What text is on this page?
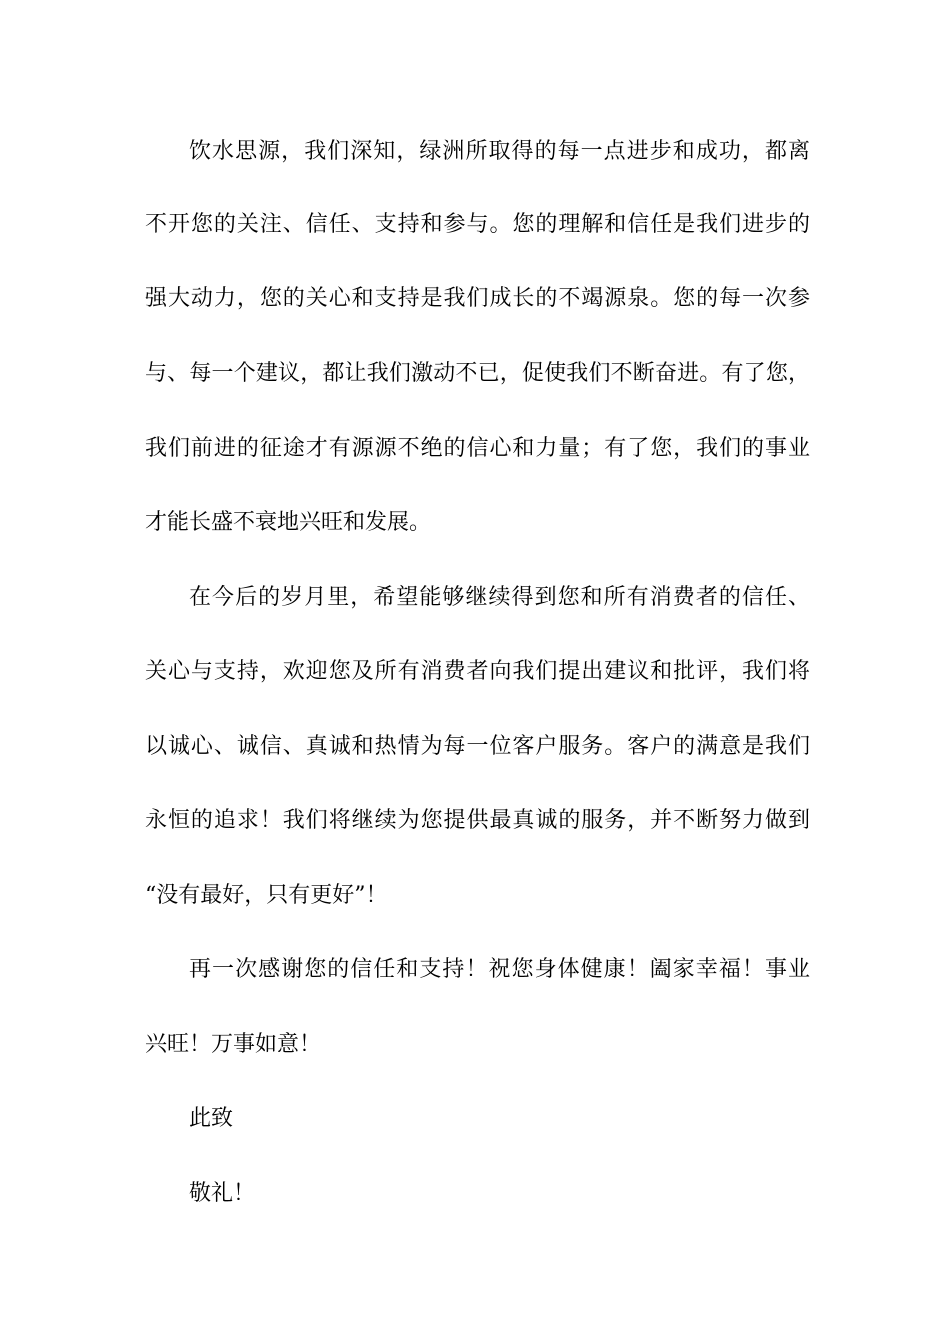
饮水思源，我们深知，绿洲所取得的每一点进步和成功，都离
不开您的关注、信任、支持和参与。您的理解和信任是我们进步的
强大动力，您的关心和支持是我们成长的不竭源泉。您的每一次参
与、每一个建议，都让我们激动不已，促使我们不断奋进。有了您，
我们前进的征途才有源源不绝的信心和力量；有了您，我们的事业
才能长盛不衰地兴旺和发展。
在今后的岁月里，希望能够继续得到您和所有消费者的信任、
关心与支持，欢迎您及所有消费者向我们提出建议和批评，我们将
以诚心、诚信、真诚和热情为每一位客户服务。客户的满意是我们
永恒的追求！我们将继续为您提供最真诚的服务，并不断努力做到
“没有最好，只有更好”！
再一次感谢您的信任和支持！祝您身体健康！阖家幸福！事业
兴旺！万事如意！
此致
敬礼！
